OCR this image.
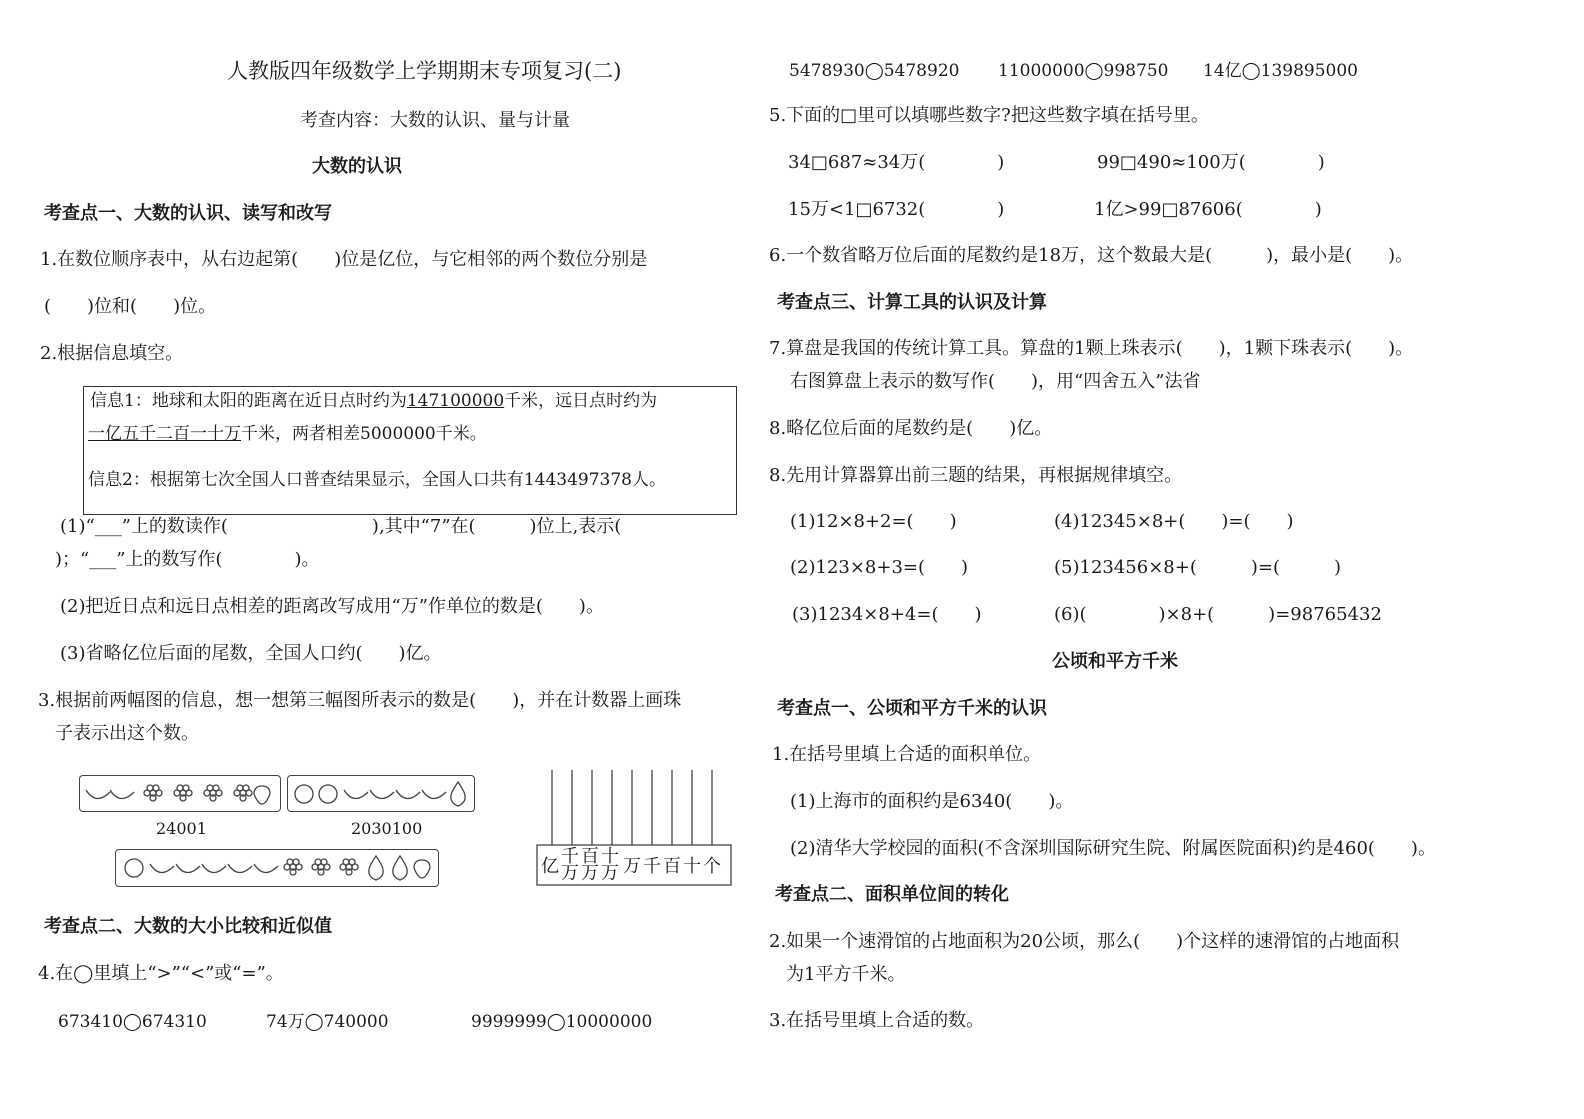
人教版四年级数学上学期期末专项复习(二)
考查内容：大数的认识、量与计量
大数的认识
考查点一、大数的认识、读写和改写
1.在数位顺序表中，从右边起第(　　)位是亿位，与它相邻的两个数位分别是
(　　)位和(　　)位。
2.根据信息填空。
信息1：地球和太阳的距离在近日点时约为147100000千米，远日点时约为
一亿五千二百一十万千米，两者相差5000000千米。
信息2：根据第七次全国人口普查结果显示，全国人口共有1443497378人。
(1)“___”上的数读作(　　　　　　　　),其中“7”在(　　　)位上,表示(
)；“___”上的数写作(　　　　)。
(2)把近日点和远日点相差的距离改写成用“万”作单位的数是(　　)。
(3)省略亿位后面的尾数，全国人口约(　　)亿。
3.根据前两幅图的信息，想一想第三幅图所表示的数是(　　)，并在计数器上画珠
子表示出这个数。
24001	2030100
亿 千万
百万
十万 万 千 百 十 个
考查点二、大数的大小比较和近似值
4.在◯里填上“>”“<”或“=”。
673410◯674310	74万◯740000	9999999◯10000000
5478930◯5478920 11000000◯998750 14亿◯139895000
5.下面的□里可以填哪些数字?把这些数字填在括号里。
34□687≈34万(　　　　)	99□490≈100万(　　　　)
15万<1□6732(　　　　)	1亿>99□87606(　　　　)
6.一个数省略万位后面的尾数约是18万，这个数最大是(　　　)，最小是(　　)。
考查点三、计算工具的认识及计算
7.算盘是我国的传统计算工具。算盘的1颗上珠表示(　　)，1颗下珠表示(　　)。
右图算盘上表示的数写作(　　)，用“四舍五入”法省
8.略亿位后面的尾数约是(　　)亿。
8.先用计算器算出前三题的结果，再根据规律填空。
(1)12×8+2=(　　)	(4)12345×8+(　　)=(　　)
(2)123×8+3=(　　)	(5)123456×8+(　　　)=(　　　)
(3)1234×8+4=(　　)	(6)(　　　　)×8+(　　　)=98765432
公顷和平方千米
考查点一、公顷和平方千米的认识
1.在括号里填上合适的面积单位。
(1)上海市的面积约是6340(　　)。
(2)清华大学校园的面积(不含深圳国际研究生院、附属医院面积)约是460(　　)。
考查点二、面积单位间的转化
2.如果一个速滑馆的占地面积为20公顷，那么(　　)个这样的速滑馆的占地面积
为1平方千米。
3.在括号里填上合适的数。
